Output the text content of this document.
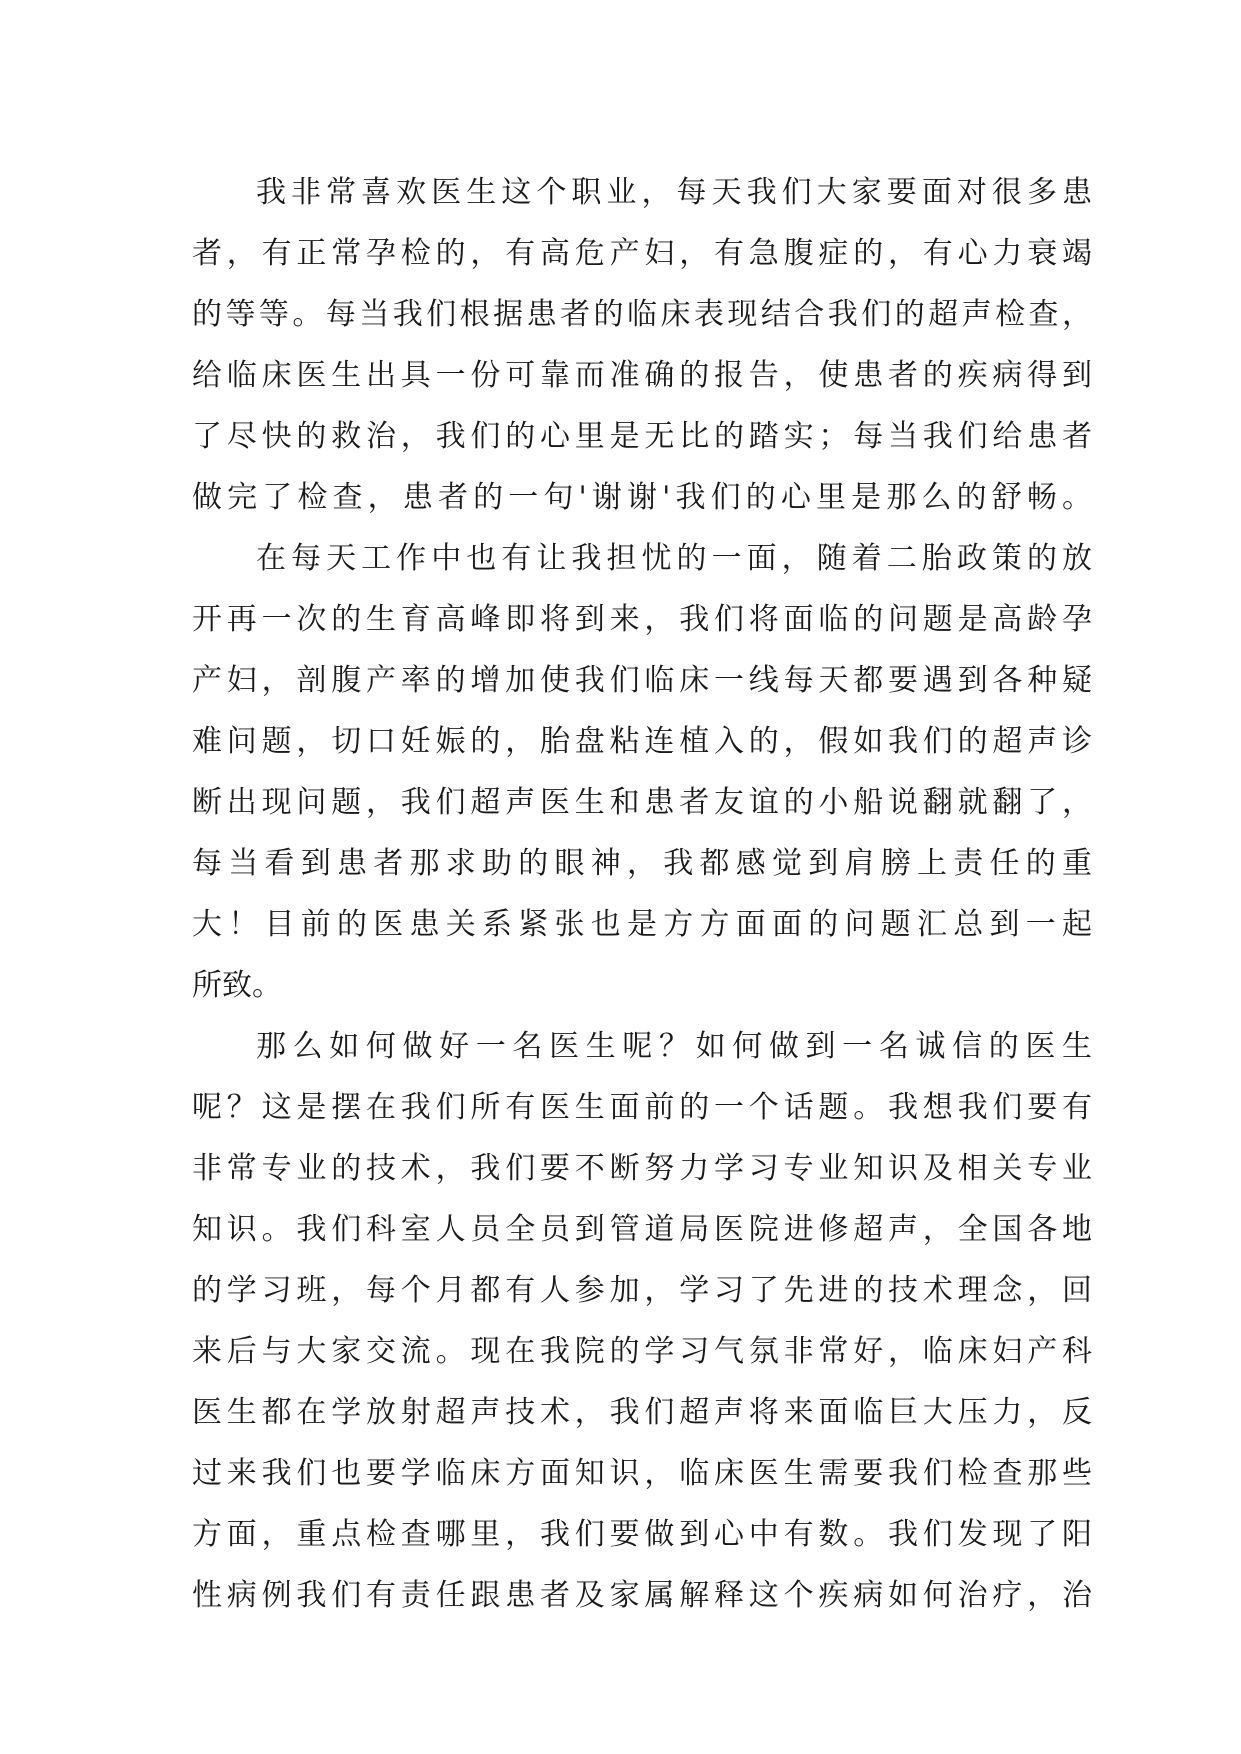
我非常喜欢医生这个职业，每天我们大家要面对很多患
者，有正常孕检的，有高危产妇，有急腹症的，有心力衰竭
的等等。每当我们根据患者的临床表现结合我们的超声检查，
给临床医生出具一份可靠而准确的报告，使患者的疾病得到
了尽快的救治，我们的心里是无比的踏实；每当我们给患者
做完了检查，患者的一句'谢谢'我们的心里是那么的舒畅。
在每天工作中也有让我担忧的一面，随着二胎政策的放
开再一次的生育高峰即将到来，我们将面临的问题是高龄孕
产妇，剖腹产率的增加使我们临床一线每天都要遇到各种疑
难问题，切口妊娠的，胎盘粘连植入的，假如我们的超声诊
断出现问题，我们超声医生和患者友谊的小船说翻就翻了，
每当看到患者那求助的眼神，我都感觉到肩膀上责任的重
大！目前的医患关系紧张也是方方面面的问题汇总到一起
所致。
那么如何做好一名医生呢？如何做到一名诚信的医生
呢？这是摆在我们所有医生面前的一个话题。我想我们要有
非常专业的技术，我们要不断努力学习专业知识及相关专业
知识。我们科室人员全员到管道局医院进修超声，全国各地
的学习班，每个月都有人参加，学习了先进的技术理念，回
来后与大家交流。现在我院的学习气氛非常好，临床妇产科
医生都在学放射超声技术，我们超声将来面临巨大压力，反
过来我们也要学临床方面知识，临床医生需要我们检查那些
方面，重点检查哪里，我们要做到心中有数。我们发现了阳
性病例我们有责任跟患者及家属解释这个疾病如何治疗，治
